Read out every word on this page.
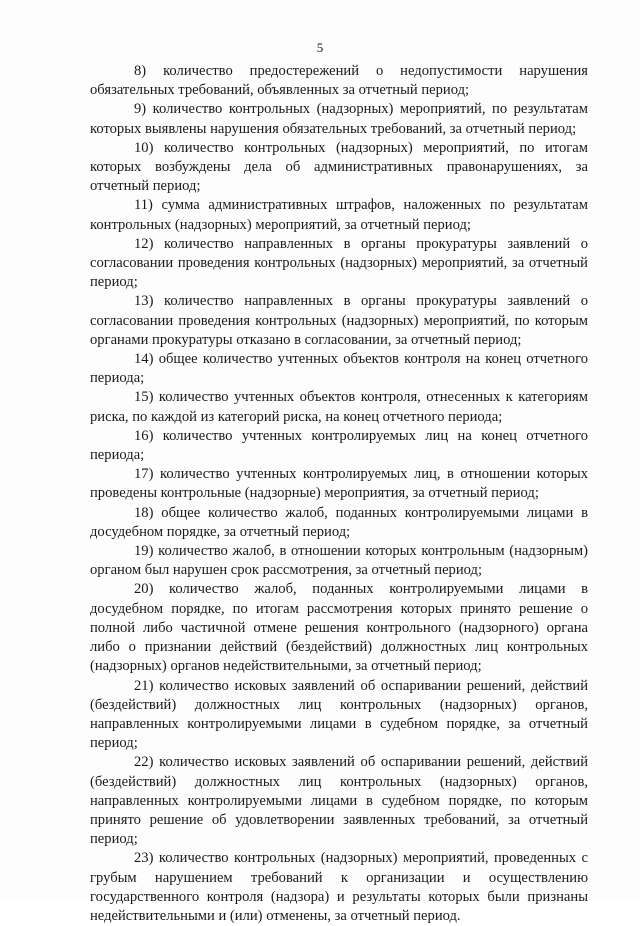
5

8) количество предостережений о недопустимости нарушения обязательных требований, объявленных за отчетный период;

9) количество контрольных (надзорных) мероприятий, по результатам которых выявлены нарушения обязательных требований, за отчетный период;

10) количество контрольных (надзорных) мероприятий, по итогам которых возбуждены дела об административных правонарушениях, за отчетный период;

11) сумма административных штрафов, наложенных по результатам контрольных (надзорных) мероприятий, за отчетный период;

12) количество направленных в органы прокуратуры заявлений о согласовании проведения контрольных (надзорных) мероприятий, за отчетный период;

13) количество направленных в органы прокуратуры заявлений о согласовании проведения контрольных (надзорных) мероприятий, по которым органами прокуратуры отказано в согласовании, за отчетный период;

14) общее количество учтенных объектов контроля на конец отчетного периода;

15) количество учтенных объектов контроля, отнесенных к категориям риска, по каждой из категорий риска, на конец отчетного периода;

16) количество учтенных контролируемых лиц на конец отчетного периода;

17) количество учтенных контролируемых лиц, в отношении которых проведены контрольные (надзорные) мероприятия, за отчетный период;

18) общее количество жалоб, поданных контролируемыми лицами в досудебном порядке, за отчетный период;

19) количество жалоб, в отношении которых контрольным (надзорным) органом был нарушен срок рассмотрения, за отчетный период;

20) количество жалоб, поданных контролируемыми лицами в досудебном порядке, по итогам рассмотрения которых принято решение о полной либо частичной отмене решения контрольного (надзорного) органа либо о признании действий (бездействий) должностных лиц контрольных (надзорных) органов недействительными, за отчетный период;

21) количество исковых заявлений об оспаривании решений, действий (бездействий) должностных лиц контрольных (надзорных) органов, направленных контролируемыми лицами в судебном порядке, за отчетный период;

22) количество исковых заявлений об оспаривании решений, действий (бездействий) должностных лиц контрольных (надзорных) органов, направленных контролируемыми лицами в судебном порядке, по которым принято решение об удовлетворении заявленных требований, за отчетный период;

23) количество контрольных (надзорных) мероприятий, проведенных с грубым нарушением требований к организации и осуществлению государственного контроля (надзора) и результаты которых были признаны недействительными и (или) отменены, за отчетный период.
